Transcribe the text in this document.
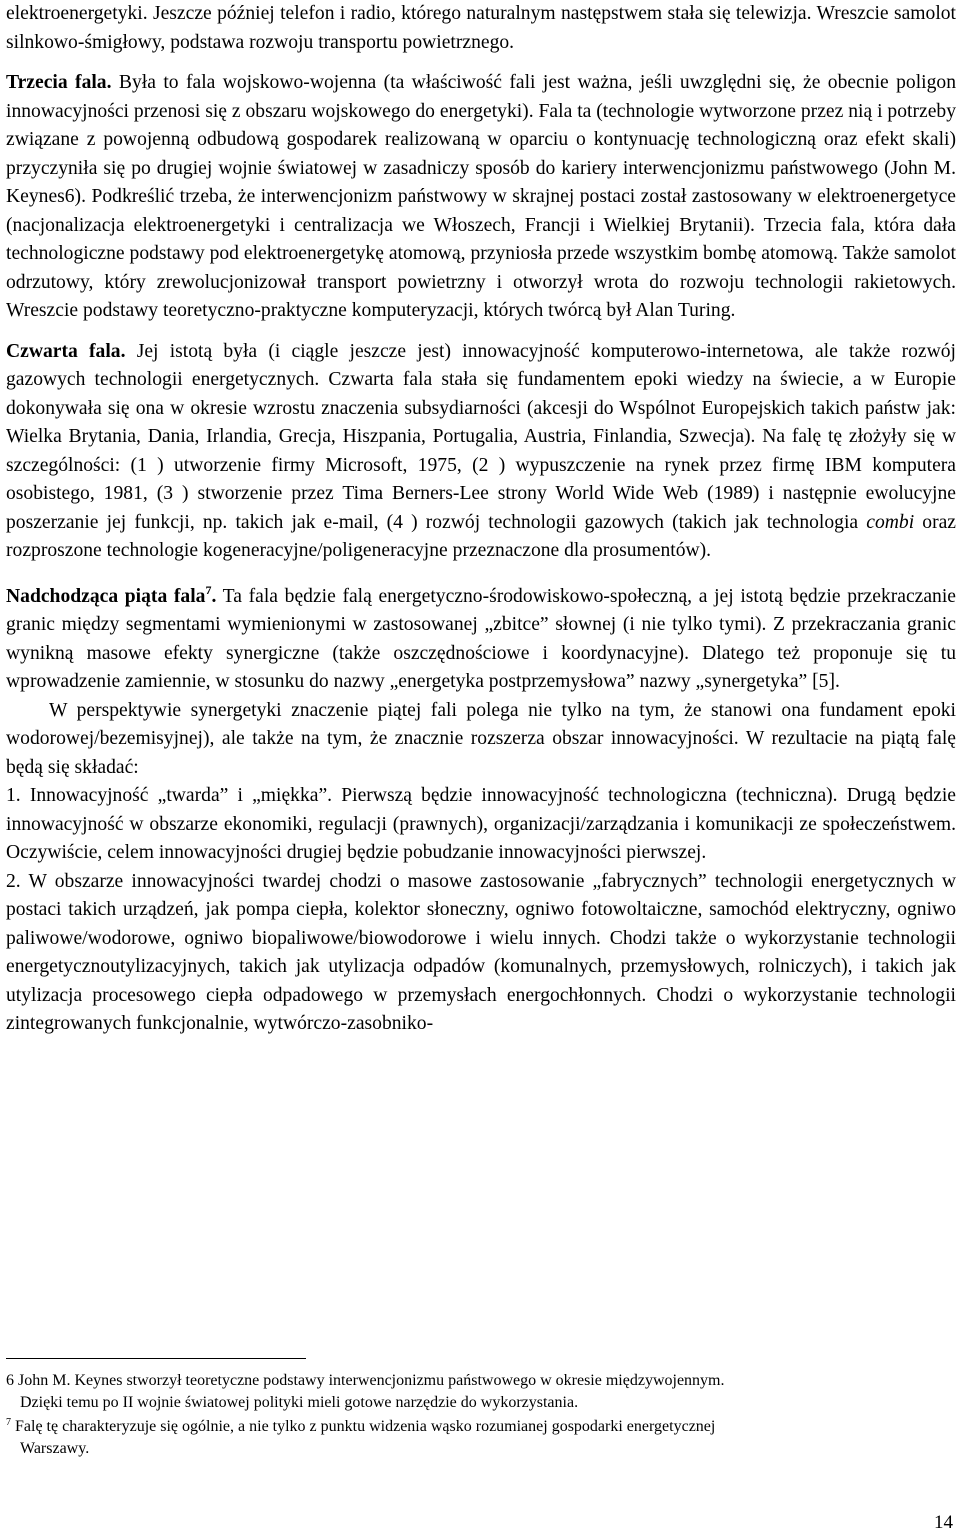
elektroenergetyki. Jeszcze później telefon i radio, którego naturalnym następstwem stała się telewizja. Wreszcie samolot silnkowo-śmigłowy, podstawa rozwoju transportu powietrznego.

Trzecia fala. Była to fala wojskowo-wojenna (ta właściwość fali jest ważna, jeśli uwzględni się, że obecnie poligon innowacyjności przenosi się z obszaru wojskowego do energetyki). Fala ta (technologie wytworzone przez nią i potrzeby związane z powojenną odbudową gospodarek realizowaną w oparciu o kontynuację technologiczną oraz efekt skali) przyczyniła się po drugiej wojnie światowej w zasadniczy sposób do kariery interwencjonizmu państwowego (John M. Keynes6). Podkreślić trzeba, że interwencjonizm państwowy w skrajnej postaci został zastosowany w elektroenergetyce (nacjonalizacja elektroenergetyki i centralizacja we Włoszech, Francji i Wielkiej Brytanii). Trzecia fala, która dała technologiczne podstawy pod elektroenergetykę atomową, przyniosła przede wszystkim bombę atomową. Także samolot odrzutowy, który zrewolucjonizował transport powietrzny i otworzył wrota do rozwoju technologii rakietowych. Wreszcie podstawy teoretyczno-praktyczne komputeryzacji, których twórcą był Alan Turing.

Czwarta fala. Jej istotą była (i ciągle jeszcze jest) innowacyjność komputerowo-internetowa, ale także rozwój gazowych technologii energetycznych. Czwarta fala stała się fundamentem epoki wiedzy na świecie, a w Europie dokonywała się ona w okresie wzrostu znaczenia subsydiarności (akcesji do Wspólnot Europejskich takich państw jak: Wielka Brytania, Dania, Irlandia, Grecja, Hiszpania, Portugalia, Austria, Finlandia, Szwecja). Na falę tę złożyły się w szczególności: (1 ) utworzenie firmy Microsoft, 1975, (2 ) wypuszczenie na rynek przez firmę IBM komputera osobistego, 1981, (3 ) stworzenie przez Tima Berners-Lee strony World Wide Web (1989) i następnie ewolucyjne poszerzanie jej funkcji, np. takich jak e-mail, (4 ) rozwój technologii gazowych (takich jak technologia combi oraz rozproszone technologie kogeneracyjne/poligeneracyjne przeznaczone dla prosumentów).

Nadchodząca piąta fala$^7$. Ta fala będzie falą energetyczno-środowiskowo-społeczną, a jej istotą będzie przekraczanie granic między segmentami wymienionymi w zastosowanej „zbitce” słownej (i nie tylko tymi). Z przekraczania granic wynikną masowe efekty synergiczne (także oszczędnościowe i koordynacyjne). Dlatego też proponuje się tu wprowadzenie zamiennie, w stosunku do nazwy „energetyka postprzemysłowa” nazwy „synergetyka” [5].

W perspektywie synergetyki znaczenie piątej fali polega nie tylko na tym, że stanowi ona fundament epoki wodorowej/bezemisyjnej), ale także na tym, że znacznie rozszerza obszar innowacyjności. W rezultacie na piątą falę będą się składać:

1. Innowacyjność „twarda” i „miękka”. Pierwszą będzie innowacyjność technologiczna (techniczna). Drugą będzie innowacyjność w obszarze ekonomiki, regulacji (prawnych), organizacji/zarządzania i komunikacji ze społeczeństwem. Oczywiście, celem innowacyjności drugiej będzie pobudzanie innowacyjności pierwszej.

2. W obszarze innowacyjności twardej chodzi o masowe zastosowanie „fabrycznych” technologii energetycznych w postaci takich urządzeń, jak pompa ciepła, kolektor słoneczny, ogniwo fotowoltaiczne, samochód elektryczny, ogniwo paliwowe/wodorowe, ogniwo biopaliwowe/biowodorowe i wielu innych. Chodzi także o wykorzystanie technologii energetycznoutylizacyjnych, takich jak utylizacja odpadów (komunalnych, przemysłowych, rolniczych), i takich jak utylizacja procesowego ciepła odpadowego w przemysłach energochłonnych. Chodzi o wykorzystanie technologii zintegrowanych funkcjonalnie, wytwórczo-zasobniko-

6 John M. Keynes stworzył teoretyczne podstawy interwencjonizmu państwowego w okresie międzywojennym.
Dzięki temu po II wojnie światowej polityki mieli gotowe narzędzie do wykorzystania.
$^7$ Falę tę charakteryzuje się ogólnie, a nie tylko z punktu widzenia wąsko rozumianej gospodarki energetycznej
Warszawy.
14
